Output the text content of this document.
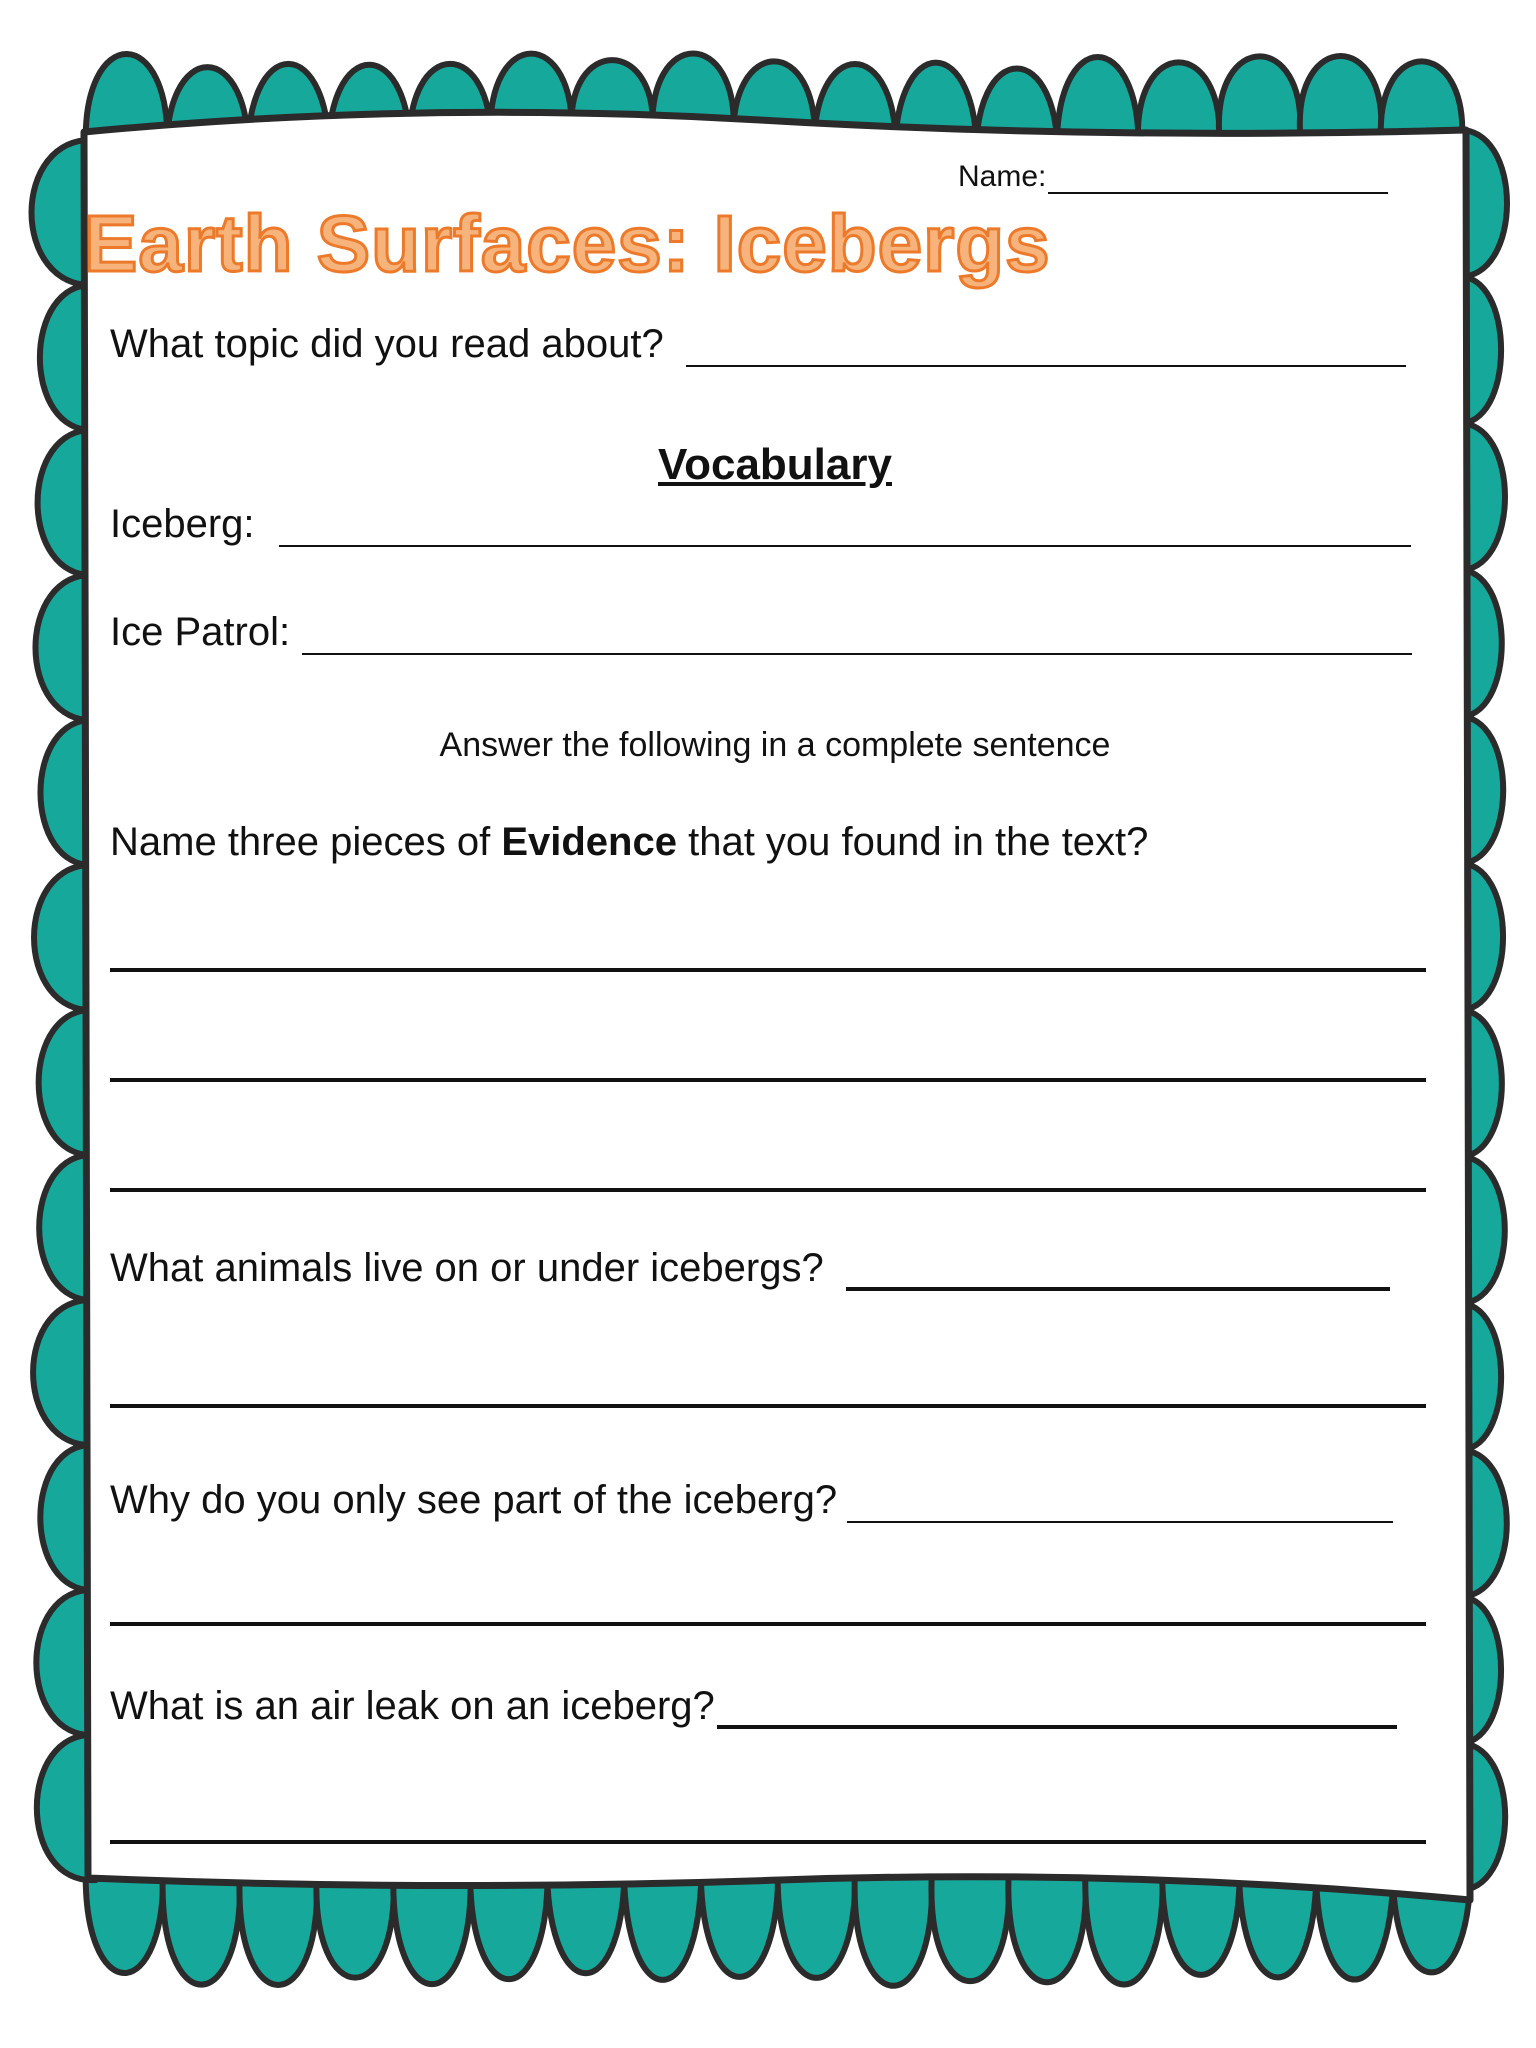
Name:
Earth Surfaces: Icebergs
What topic did you read about?
Vocabulary
Iceberg:
Ice Patrol:
Answer the following in a complete sentence
Name three pieces of Evidence that you found in the text?
What animals live on or under icebergs?
Why do you only see part of the iceberg?
What is an air leak on an iceberg?
